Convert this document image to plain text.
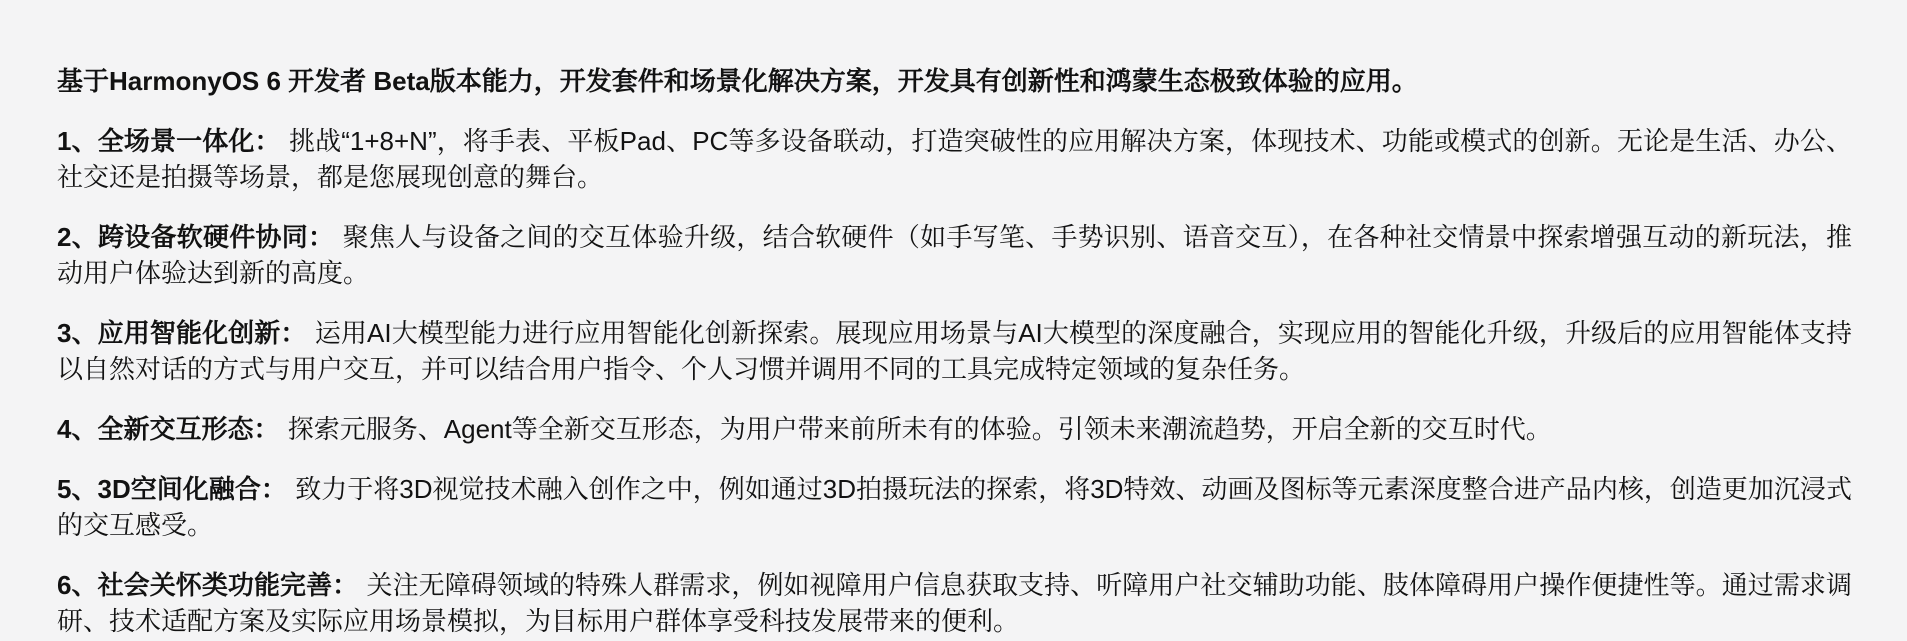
基于HarmonyOS 6 开发者 Beta版本能力，开发套件和场景化解决方案，开发具有创新性和鸿蒙生态极致体验的应用。

1、全场景一体化： 挑战“1+8+N”，将手表、平板Pad、PC等多设备联动，打造突破性的应用解决方案，体现技术、功能或模式的创新。无论是生活、办公、社交还是拍摄等场景，都是您展现创意的舞台。

2、跨设备软硬件协同： 聚焦人与设备之间的交互体验升级，结合软硬件（如手写笔、手势识别、语音交互），在各种社交情景中探索增强互动的新玩法，推动用户体验达到新的高度。

3、应用智能化创新： 运用AI大模型能力进行应用智能化创新探索。展现应用场景与AI大模型的深度融合，实现应用的智能化升级，升级后的应用智能体支持以自然对话的方式与用户交互，并可以结合用户指令、个人习惯并调用不同的工具完成特定领域的复杂任务。

4、全新交互形态： 探索元服务、Agent等全新交互形态，为用户带来前所未有的体验。引领未来潮流趋势，开启全新的交互时代。

5、3D空间化融合： 致力于将3D视觉技术融入创作之中，例如通过3D拍摄玩法的探索，将3D特效、动画及图标等元素深度整合进产品内核，创造更加沉浸式的交互感受。

6、社会关怀类功能完善： 关注无障碍领域的特殊人群需求，例如视障用户信息获取支持、听障用户社交辅助功能、肢体障碍用户操作便捷性等。通过需求调研、技术适配方案及实际应用场景模拟，为目标用户群体享受科技发展带来的便利。
